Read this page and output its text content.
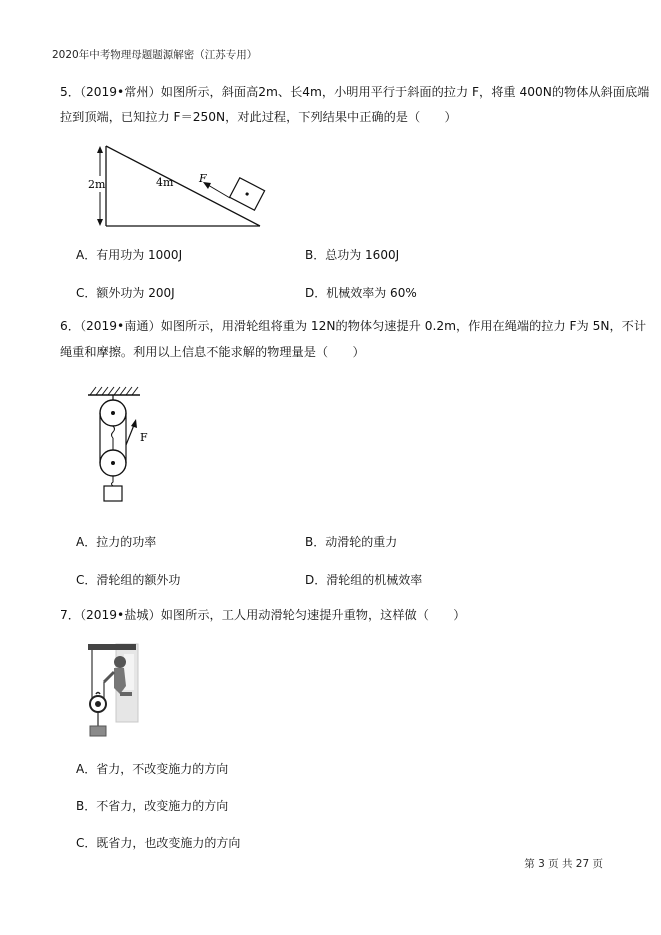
2020年中考物理母题题源解密（江苏专用）
5．（2019•常州）如图所示，斜面高2m、长4m，小明用平行于斜面的拉力 F，将重 400N的物体从斜面底端
拉到顶端，已知拉力 F＝250N，对此过程，下列结果中正确的是（　　）
2m	4m F
A．有用功为 1000J	B．总功为 1600J
C．额外功为 200J	D．机械效率为 60%
6．（2019•南通）如图所示，用滑轮组将重为 12N的物体匀速提升 0.2m，作用在绳端的拉力 F为 5N，不计
绳重和摩擦。利用以上信息不能求解的物理量是（　　）
F
A．拉力的功率	B．动滑轮的重力
C．滑轮组的额外功	D．滑轮组的机械效率
7．（2019•盐城）如图所示，工人用动滑轮匀速提升重物，这样做（　　）
A．省力，不改变施力的方向
B．不省力，改变施力的方向
C．既省力，也改变施力的方向
第 3 页 共 27 页
